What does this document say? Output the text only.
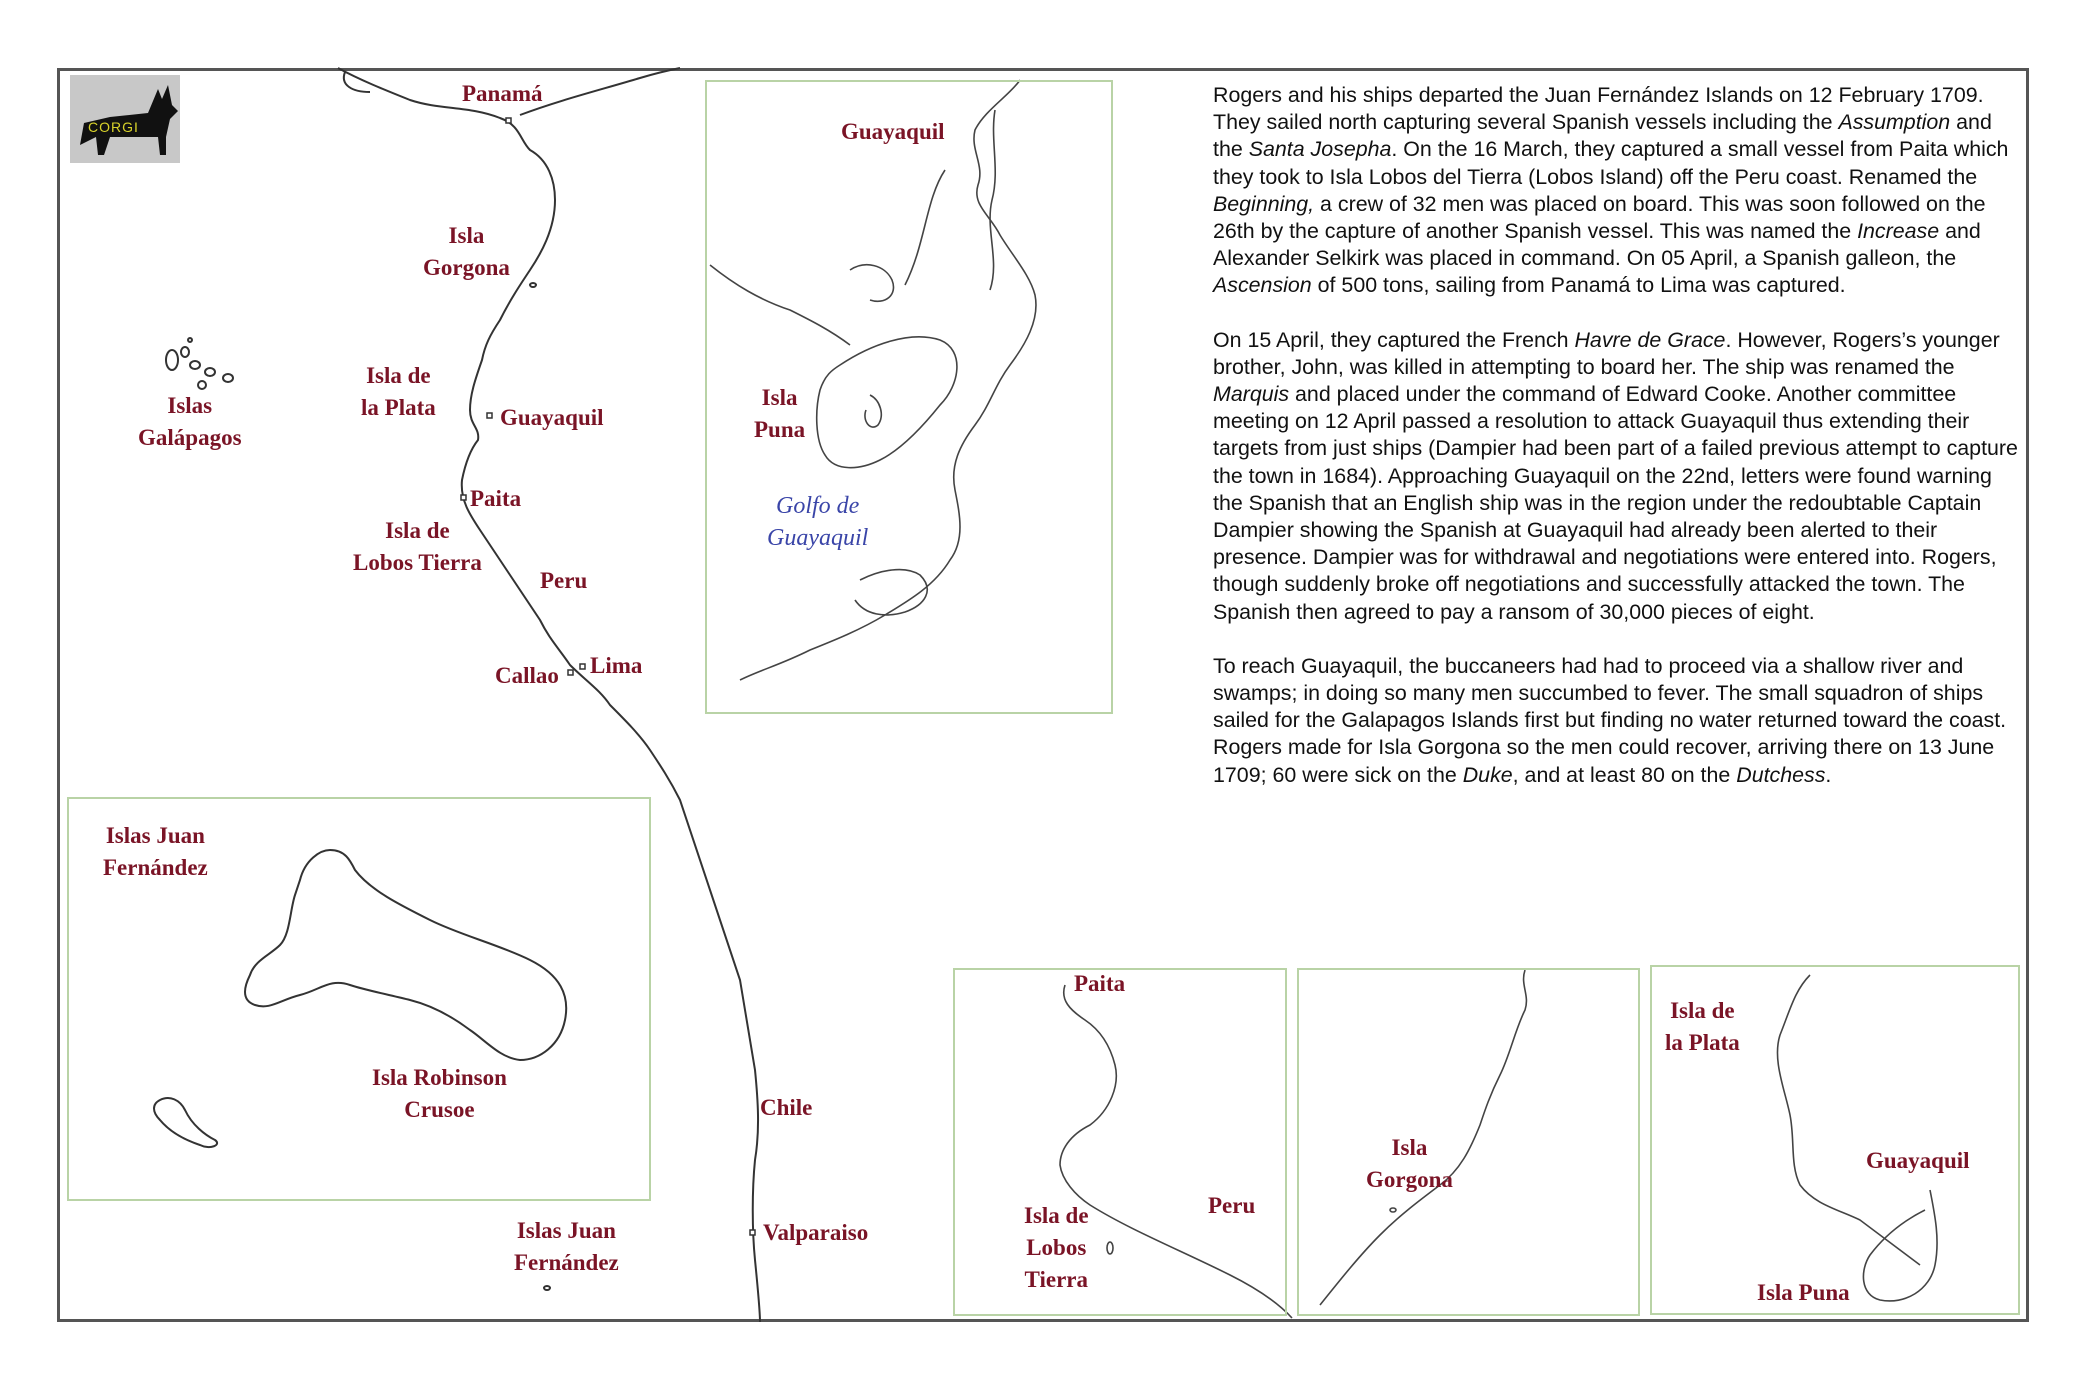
CORGI
Panamá
Isla
Gorgona
Isla de
la Plata
Islas
Galápagos
Guayaquil
Paita
Isla de
Lobos Tierra
Peru
Lima
Callao
Chile
Valparaiso
Islas Juan
Fernández
Guayaquil
Isla
Puna
Golfo de
Guayaquil
Islas Juan
Fernández
Isla Robinson
Crusoe
Paita
Isla de
Lobos
Tierra
Peru
Isla
Gorgona
Isla de
la Plata
Guayaquil
Isla Puna

Rogers and his ships departed the Juan Fernández Islands on 12 February 1709. They sailed north capturing several Spanish vessels including the Assumption and the Santa Josepha. On the 16 March, they captured a small vessel from Paita which they took to Isla Lobos del Tierra (Lobos Island) off the Peru coast. Renamed the Beginning, a crew of 32 men was placed on board. This was soon followed on the 26th by the capture of another Spanish vessel. This was named the Increase and Alexander Selkirk was placed in command. On 05 April, a Spanish galleon, the Ascension of 500 tons, sailing from Panamá to Lima was captured.

On 15 April, they captured the French Havre de Grace. However, Rogers’s younger brother, John, was killed in attempting to board her. The ship was renamed the Marquis and placed under the command of Edward Cooke. Another committee meeting on 12 April passed a resolution to attack Guayaquil thus extending their targets from just ships (Dampier had been part of a failed previous attempt to capture the town in 1684). Approaching Guayaquil on the 22nd, letters were found warning the Spanish that an English ship was in the region under the redoubtable Captain Dampier showing the Spanish at Guayaquil had already been alerted to their presence. Dampier was for withdrawal and negotiations were entered into. Rogers, though suddenly broke off negotiations and successfully attacked the town. The Spanish then agreed to pay a ransom of 30,000 pieces of eight.

To reach Guayaquil, the buccaneers had had to proceed via a shallow river and swamps; in doing so many men succumbed to fever. The small squadron of ships sailed for the Galapagos Islands first but finding no water returned toward the coast. Rogers made for Isla Gorgona so the men could recover, arriving there on 13 June 1709; 60 were sick on the Duke, and at least 80 on the Dutchess.
